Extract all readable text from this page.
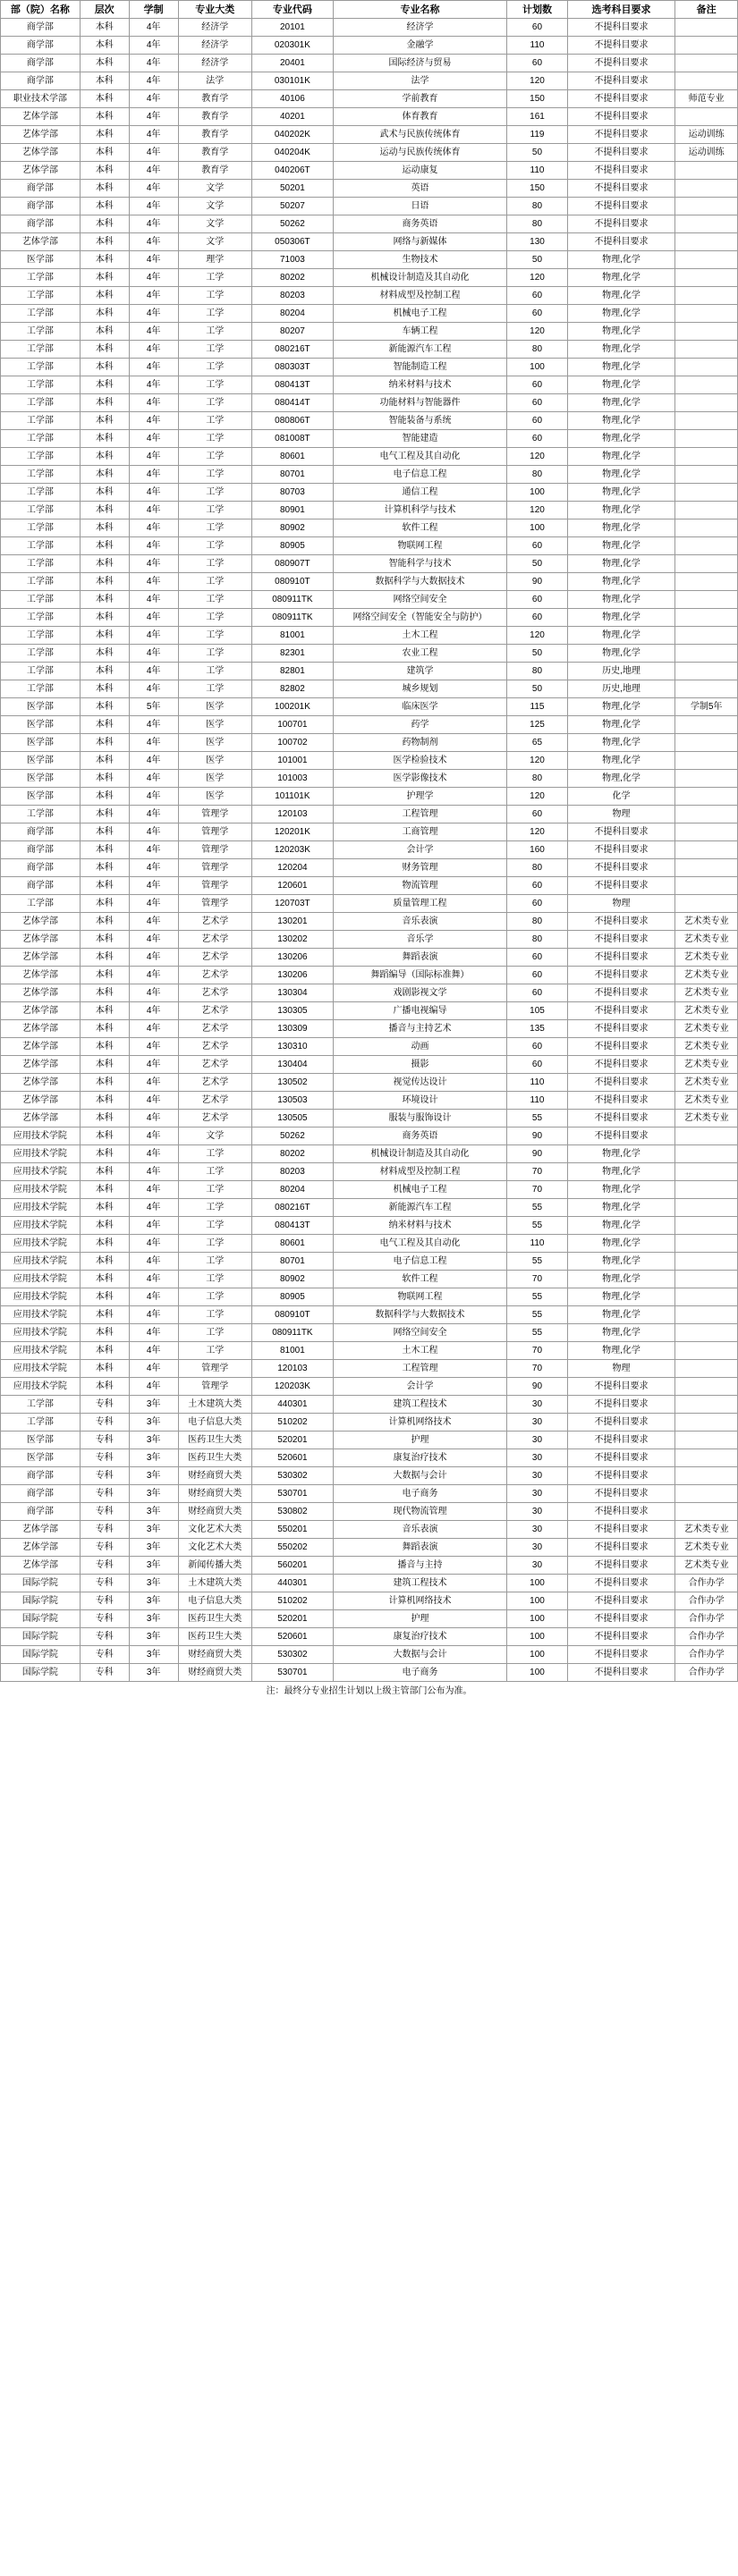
部（院）名称	层次	学制	专业大类	专业代码	专业名称	计划数	选考科目要求	备注
商学部	本科	4年	经济学	20101	经济学	60	不提科目要求	
商学部	本科	4年	经济学	020301K	金融学	110	不提科目要求	
商学部	本科	4年	经济学	20401	国际经济与贸易	60	不提科目要求	
商学部	本科	4年	法学	030101K	法学	120	不提科目要求	
职业技术学部	本科	4年	教育学	40106	学前教育	150	不提科目要求	师范专业
艺体学部	本科	4年	教育学	40201	体育教育	161	不提科目要求	
艺体学部	本科	4年	教育学	040202K	武术与民族传统体育	119	不提科目要求	运动训练
艺体学部	本科	4年	教育学	040204K	运动与民族传统体育	50	不提科目要求	运动训练
艺体学部	本科	4年	教育学	040206T	运动康复	110	不提科目要求	
商学部	本科	4年	文学	50201	英语	150	不提科目要求	
商学部	本科	4年	文学	50207	日语	80	不提科目要求	
商学部	本科	4年	文学	50262	商务英语	80	不提科目要求	
艺体学部	本科	4年	文学	050306T	网络与新媒体	130	不提科目要求	
医学部	本科	4年	理学	71003	生物技术	50	物理,化学	
工学部	本科	4年	工学	80202	机械设计制造及其自动化	120	物理,化学	
工学部	本科	4年	工学	80203	材料成型及控制工程	60	物理,化学	
工学部	本科	4年	工学	80204	机械电子工程	60	物理,化学	
工学部	本科	4年	工学	80207	车辆工程	120	物理,化学	
工学部	本科	4年	工学	080216T	新能源汽车工程	80	物理,化学	
工学部	本科	4年	工学	080303T	智能制造工程	100	物理,化学	
工学部	本科	4年	工学	080413T	纳米材料与技术	60	物理,化学	
工学部	本科	4年	工学	080414T	功能材料与智能器件	60	物理,化学	
工学部	本科	4年	工学	080806T	智能装备与系统	60	物理,化学	
工学部	本科	4年	工学	081008T	智能建造	60	物理,化学	
工学部	本科	4年	工学	80601	电气工程及其自动化	120	物理,化学	
工学部	本科	4年	工学	80701	电子信息工程	80	物理,化学	
工学部	本科	4年	工学	80703	通信工程	100	物理,化学	
工学部	本科	4年	工学	80901	计算机科学与技术	120	物理,化学	
工学部	本科	4年	工学	80902	软件工程	100	物理,化学	
工学部	本科	4年	工学	80905	物联网工程	60	物理,化学	
工学部	本科	4年	工学	080907T	智能科学与技术	50	物理,化学	
工学部	本科	4年	工学	080910T	数据科学与大数据技术	90	物理,化学	
工学部	本科	4年	工学	080911TK	网络空间安全	60	物理,化学	
工学部	本科	4年	工学	080911TK	网络空间安全（智能安全与防护）	60	物理,化学	
工学部	本科	4年	工学	81001	土木工程	120	物理,化学	
工学部	本科	4年	工学	82301	农业工程	50	物理,化学	
工学部	本科	4年	工学	82801	建筑学	80	历史,地理	
工学部	本科	4年	工学	82802	城乡规划	50	历史,地理	
医学部	本科	5年	医学	100201K	临床医学	115	物理,化学	学制5年
医学部	本科	4年	医学	100701	药学	125	物理,化学	
医学部	本科	4年	医学	100702	药物制剂	65	物理,化学	
医学部	本科	4年	医学	101001	医学检验技术	120	物理,化学	
医学部	本科	4年	医学	101003	医学影像技术	80	物理,化学	
医学部	本科	4年	医学	101101K	护理学	120	化学	
工学部	本科	4年	管理学	120103	工程管理	60	物理	
商学部	本科	4年	管理学	120201K	工商管理	120	不提科目要求	
商学部	本科	4年	管理学	120203K	会计学	160	不提科目要求	
商学部	本科	4年	管理学	120204	财务管理	80	不提科目要求	
商学部	本科	4年	管理学	120601	物流管理	60	不提科目要求	
工学部	本科	4年	管理学	120703T	质量管理工程	60	物理	
艺体学部	本科	4年	艺术学	130201	音乐表演	80	不提科目要求	艺术类专业
艺体学部	本科	4年	艺术学	130202	音乐学	80	不提科目要求	艺术类专业
艺体学部	本科	4年	艺术学	130206	舞蹈表演	60	不提科目要求	艺术类专业
艺体学部	本科	4年	艺术学	130206	舞蹈编导（国际标准舞）	60	不提科目要求	艺术类专业
艺体学部	本科	4年	艺术学	130304	戏剧影视文学	60	不提科目要求	艺术类专业
艺体学部	本科	4年	艺术学	130305	广播电视编导	105	不提科目要求	艺术类专业
艺体学部	本科	4年	艺术学	130309	播音与主持艺术	135	不提科目要求	艺术类专业
艺体学部	本科	4年	艺术学	130310	动画	60	不提科目要求	艺术类专业
艺体学部	本科	4年	艺术学	130404	摄影	60	不提科目要求	艺术类专业
艺体学部	本科	4年	艺术学	130502	视觉传达设计	110	不提科目要求	艺术类专业
艺体学部	本科	4年	艺术学	130503	环境设计	110	不提科目要求	艺术类专业
艺体学部	本科	4年	艺术学	130505	服装与服饰设计	55	不提科目要求	艺术类专业
应用技术学院	本科	4年	文学	50262	商务英语	90	不提科目要求	
应用技术学院	本科	4年	工学	80202	机械设计制造及其自动化	90	物理,化学	
应用技术学院	本科	4年	工学	80203	材料成型及控制工程	70	物理,化学	
应用技术学院	本科	4年	工学	80204	机械电子工程	70	物理,化学	
应用技术学院	本科	4年	工学	080216T	新能源汽车工程	55	物理,化学	
应用技术学院	本科	4年	工学	080413T	纳米材料与技术	55	物理,化学	
应用技术学院	本科	4年	工学	80601	电气工程及其自动化	110	物理,化学	
应用技术学院	本科	4年	工学	80701	电子信息工程	55	物理,化学	
应用技术学院	本科	4年	工学	80902	软件工程	70	物理,化学	
应用技术学院	本科	4年	工学	80905	物联网工程	55	物理,化学	
应用技术学院	本科	4年	工学	080910T	数据科学与大数据技术	55	物理,化学	
应用技术学院	本科	4年	工学	080911TK	网络空间安全	55	物理,化学	
应用技术学院	本科	4年	工学	81001	土木工程	70	物理,化学	
应用技术学院	本科	4年	管理学	120103	工程管理	70	物理	
应用技术学院	本科	4年	管理学	120203K	会计学	90	不提科目要求	
工学部	专科	3年	土木建筑大类	440301	建筑工程技术	30	不提科目要求	
工学部	专科	3年	电子信息大类	510202	计算机网络技术	30	不提科目要求	
医学部	专科	3年	医药卫生大类	520201	护理	30	不提科目要求	
医学部	专科	3年	医药卫生大类	520601	康复治疗技术	30	不提科目要求	
商学部	专科	3年	财经商贸大类	530302	大数据与会计	30	不提科目要求	
商学部	专科	3年	财经商贸大类	530701	电子商务	30	不提科目要求	
商学部	专科	3年	财经商贸大类	530802	现代物流管理	30	不提科目要求	
艺体学部	专科	3年	文化艺术大类	550201	音乐表演	30	不提科目要求	艺术类专业
艺体学部	专科	3年	文化艺术大类	550202	舞蹈表演	30	不提科目要求	艺术类专业
艺体学部	专科	3年	新闻传播大类	560201	播音与主持	30	不提科目要求	艺术类专业
国际学院	专科	3年	土木建筑大类	440301	建筑工程技术	100	不提科目要求	合作办学
国际学院	专科	3年	电子信息大类	510202	计算机网络技术	100	不提科目要求	合作办学
国际学院	专科	3年	医药卫生大类	520201	护理	100	不提科目要求	合作办学
国际学院	专科	3年	医药卫生大类	520601	康复治疗技术	100	不提科目要求	合作办学
国际学院	专科	3年	财经商贸大类	530302	大数据与会计	100	不提科目要求	合作办学
国际学院	专科	3年	财经商贸大类	530701	电子商务	100	不提科目要求	合作办学
注：最终分专业招生计划以上级主管部门公布为准。
